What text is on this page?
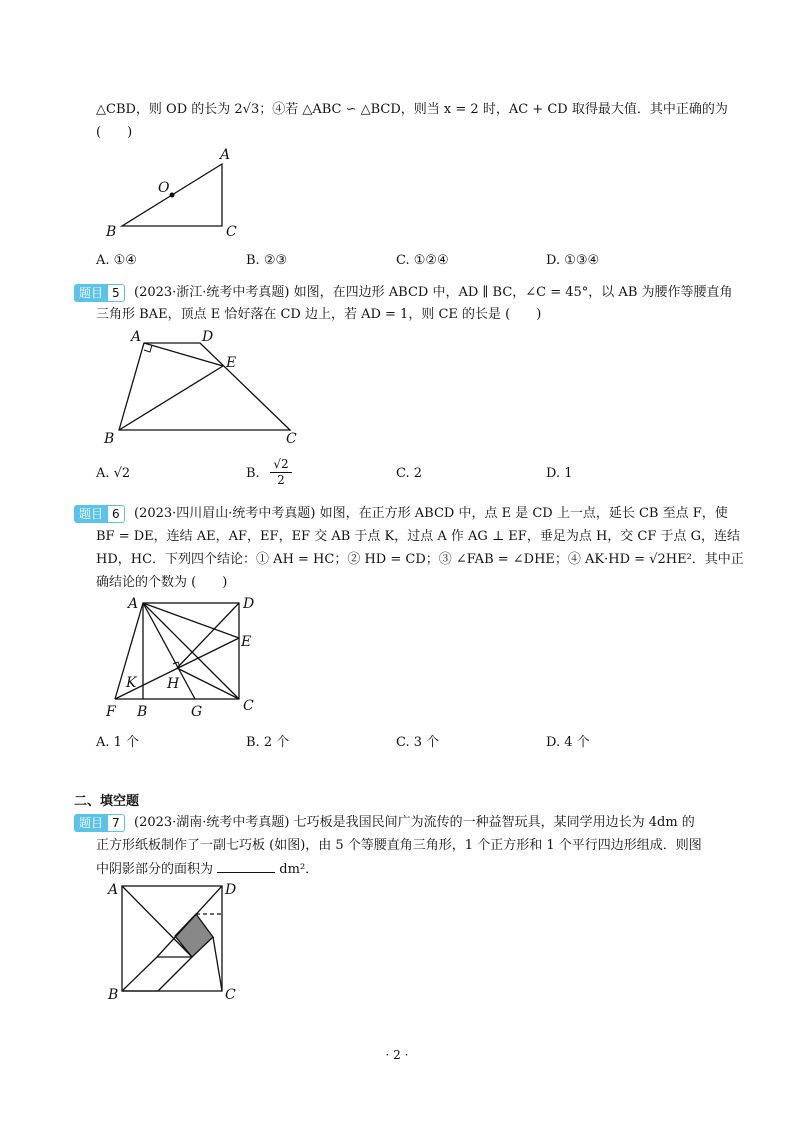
△CBD，则 OD 的长为 2√3；④若 △ABC ∽ △BCD，则当 x = 2 时，AC + CD 取得最大值．其中正确的为
(　　)
A
O
B	C
A. ①④	B. ②③	C. ①②④	D. ①③④
题目 5	(2023·浙江·统考中考真题) 如图，在四边形 ABCD 中，AD ∥ BC，∠C = 45°，以 AB 为腰作等腰直角
三角形 BAE，顶点 E 恰好落在 CD 边上，若 AD = 1，则 CE 的长是 (　　)
A	D
E
B	C
A. √2	B.
√2
2	C. 2	D. 1
题目 6	(2023·四川眉山·统考中考真题) 如图，在正方形 ABCD 中，点 E 是 CD 上一点，延长 CB 至点 F，使
BF = DE，连结 AE，AF，EF，EF 交 AB 于点 K，过点 A 作 AG ⊥ EF，垂足为点 H，交 CF 于点 G，连结
HD，HC．下列四个结论：① AH = HC；② HD = CD；③ ∠FAB = ∠DHE；④ AK·HD = √2HE²．其中正
确结论的个数为 (　　)
A	D
E
K H
F B	G	C
A. 1 个	B. 2 个	C. 3 个	D. 4 个
二、填空题
题目 7	(2023·湖南·统考中考真题) 七巧板是我国民间广为流传的一种益智玩具，某同学用边长为 4dm 的
正方形纸板制作了一副七巧板 (如图)，由 5 个等腰直角三角形，1 个正方形和 1 个平行四边形组成．则图
中阴影部分的面积为	dm²．
A	D
B	C
· 2 ·
